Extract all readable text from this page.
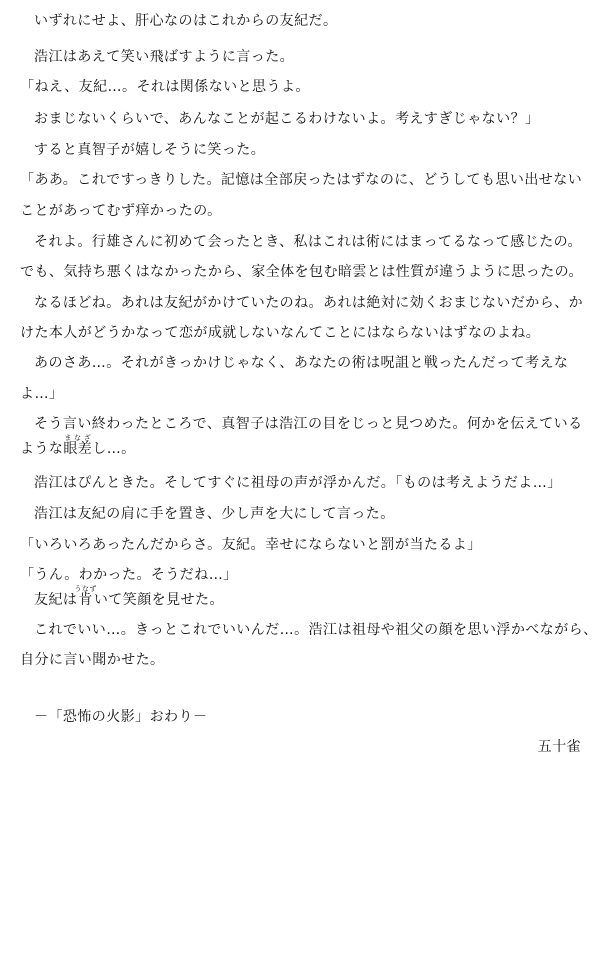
いずれにせよ、肝心なのはこれからの友紀だ。
浩江はあえて笑い飛ばすように言った。
「ねえ、友紀…。それは関係ないと思うよ。
おまじないくらいで、あんなことが起こるわけないよ。考えすぎじゃない？」
すると真智子が嬉しそうに笑った。
「ああ。これですっきりした。記憶は全部戻ったはずなのに、どうしても思い出せない
ことがあってむず痒かったの。
それよ。行雄さんに初めて会ったとき、私はこれは術にはまってるなって感じたの。
でも、気持ち悪くはなかったから、家全体を包む暗雲とは性質が違うように思ったの。
なるほどね。あれは友紀がかけていたのね。あれは絶対に効くおまじないだから、か
けた本人がどうかなって恋が成就しないなんてことにはならないはずなのよね。
あのさあ…。それがきっかけじゃなく、あなたの術は呪詛と戦ったんだって考えな
よ…」
そう言い終わったところで、真智子は浩江の目をじっと見つめた。何かを伝えている
ような眼差まなざし…。
浩江はぴんときた。そしてすぐに祖母の声が浮かんだ。「ものは考えようだよ…」
浩江は友紀の肩に手を置き、少し声を大にして言った。
「いろいろあったんだからさ。友紀。幸せにならないと罰が当たるよ」
「うん。わかった。そうだね…」
友紀は肯うなずいて笑顔を見せた。
これでいい…。きっとこれでいいんだ…。浩江は祖母や祖父の顔を思い浮かべながら、
自分に言い聞かせた。
－「恐怖の火影」おわり－
五十雀
